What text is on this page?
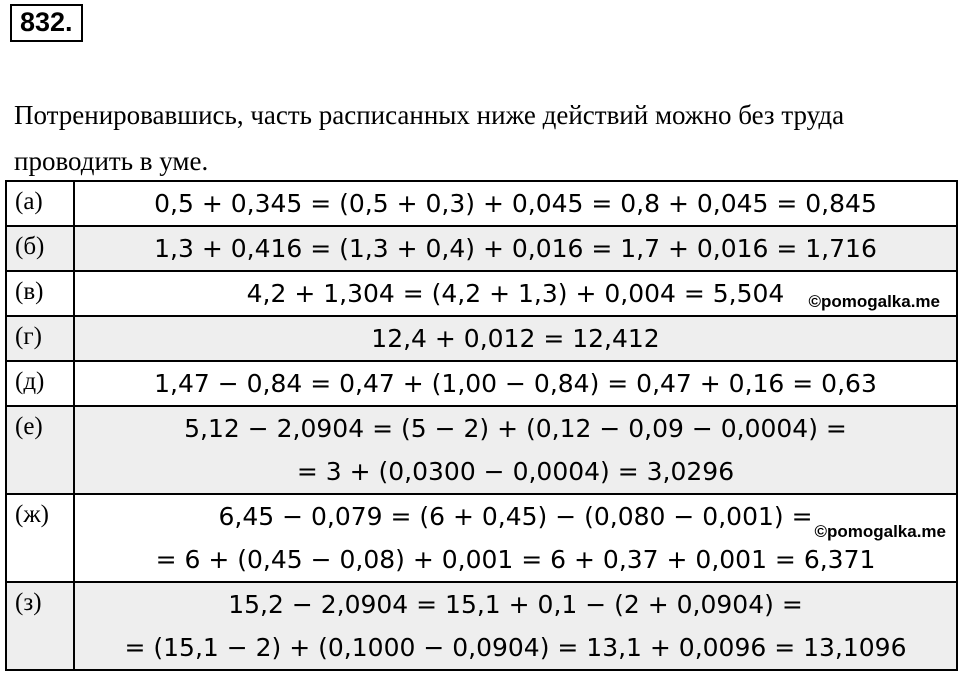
832.
Потренировавшись, часть расписанных ниже действий можно без труда проводить в уме.
(а)	0,5 + 0,345 = (0,5 + 0,3) + 0,045 = 0,8 + 0,045 = 0,845

(б)	1,3 + 0,416 = (1,3 + 0,4) + 0,016 = 1,7 + 0,016 = 1,716

(в)	4,2 + 1,304 = (4,2 + 1,3) + 0,004 = 5,504 ©pomogalka.me

(г)	12,4 + 0,012 = 12,412

(д)	1,47 − 0,84 = 0,47 + (1,00 − 0,84) = 0,47 + 0,16 = 0,63

(е)	5,12 − 2,0904 = (5 − 2) + (0,12 − 0,09 − 0,0004) =
= 3 + (0,0300 − 0,0004) = 3,0296

(ж)	6,45 − 0,079 = (6 + 0,45) − (0,080 − 0,001) =
= 6 + (0,45 − 0,08) + 0,001 = 6 + 0,37 + 0,001 = 6,371
©pomogalka.me

(з)	15,2 − 2,0904 = 15,1 + 0,1 − (2 + 0,0904) =
= (15,1 − 2) + (0,1000 − 0,0904) = 13,1 + 0,0096 = 13,1096
